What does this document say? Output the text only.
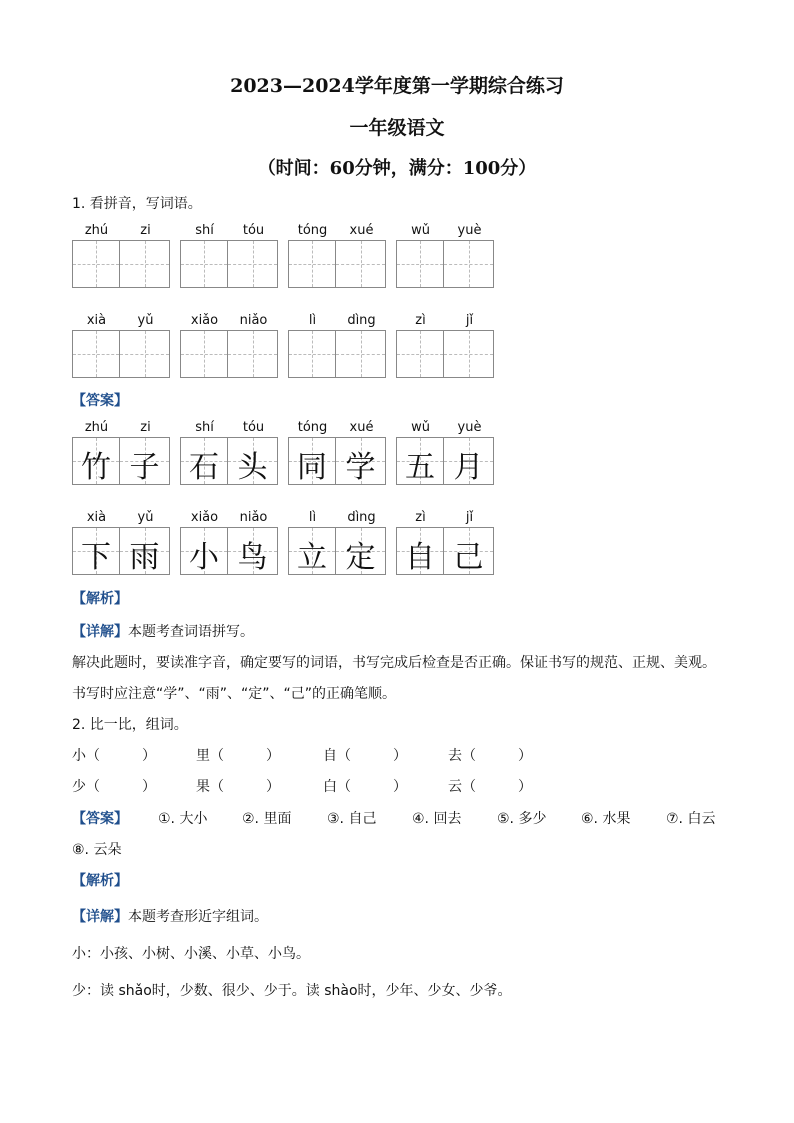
2023—2024学年度第一学期综合练习
一年级语文
（时间：60分钟，满分：100分）
1. 看拼音，写词语。
zhú	zi	shí	tóu	tóng	xué	wǔ	yuè
xià	yǔ	xiǎo	niǎo	lì	dìng	zì	jǐ
【答案】
zhú	zi
竹 子
shí	tóu
石 头
tóng	xué
同 学
wǔ	yuè
五 月
xià	yǔ
下 雨
xiǎo	niǎo
小 鸟
lì	dìng
立 定
zì	jǐ
自 己
【解析】
【详解】本题考查词语拼写。
解决此题时，要读准字音，确定要写的词语，书写完成后检查是否正确。保证书写的规范、正规、美观。
书写时应注意“学”、“雨”、“定”、“己”的正确笔顺。
2. 比一比，组词。
小（　　　）	里（　　　）	自（　　　）	去（　　　）
少（　　　）	果（　　　）	白（　　　）	云（　　　）
【答案】 ①. 大小 ②. 里面	③. 自己	④. 回去	⑤. 多少 ⑥. 水果	⑦. 白云
⑧. 云朵
【解析】
【详解】本题考查形近字组词。
小：小孩、小树、小溪、小草、小鸟。
少：读 shǎo时，少数、很少、少于。读 shào时，少年、少女、少爷。
